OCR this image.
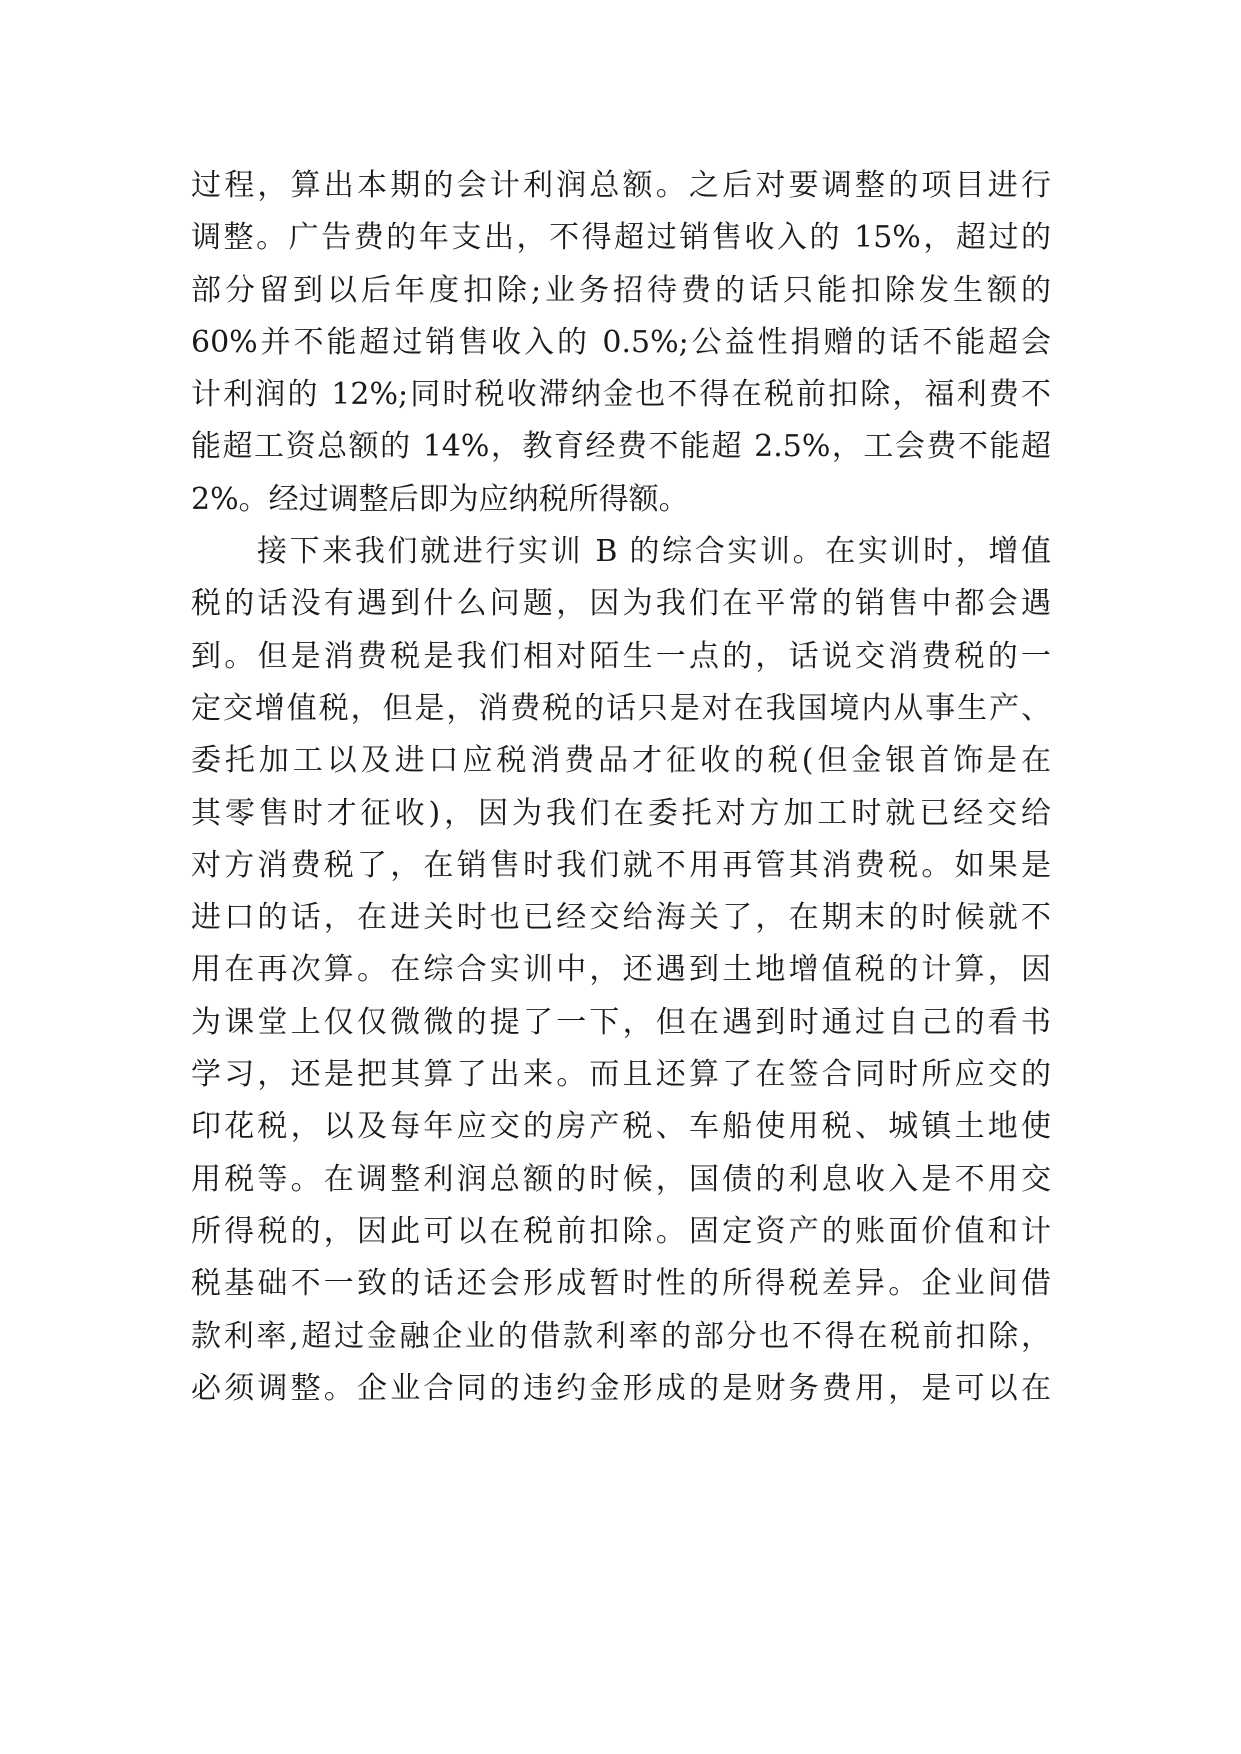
过程，算出本期的会计利润总额。之后对要调整的项目进行
调整。广告费的年支出，不得超过销售收入的 15%，超过的
部分留到以后年度扣除;业务招待费的话只能扣除发生额的
60%并不能超过销售收入的 0.5%;公益性捐赠的话不能超会
计利润的 12%;同时税收滞纳金也不得在税前扣除，福利费不
能超工资总额的 14%，教育经费不能超 2.5%，工会费不能超
2%。经过调整后即为应纳税所得额。
接下来我们就进行实训 B 的综合实训。在实训时，增值
税的话没有遇到什么问题，因为我们在平常的销售中都会遇
到。但是消费税是我们相对陌生一点的，话说交消费税的一
定交增值税，但是，消费税的话只是对在我国境内从事生产、
委托加工以及进口应税消费品才征收的税(但金银首饰是在
其零售时才征收)，因为我们在委托对方加工时就已经交给
对方消费税了，在销售时我们就不用再管其消费税。如果是
进口的话，在进关时也已经交给海关了，在期末的时候就不
用在再次算。在综合实训中，还遇到土地增值税的计算，因
为课堂上仅仅微微的提了一下，但在遇到时通过自己的看书
学习，还是把其算了出来。而且还算了在签合同时所应交的
印花税，以及每年应交的房产税、车船使用税、城镇土地使
用税等。在调整利润总额的时候，国债的利息收入是不用交
所得税的，因此可以在税前扣除。固定资产的账面价值和计
税基础不一致的话还会形成暂时性的所得税差异。企业间借
款利率,超过金融企业的借款利率的部分也不得在税前扣除，
必须调整。企业合同的违约金形成的是财务费用，是可以在
